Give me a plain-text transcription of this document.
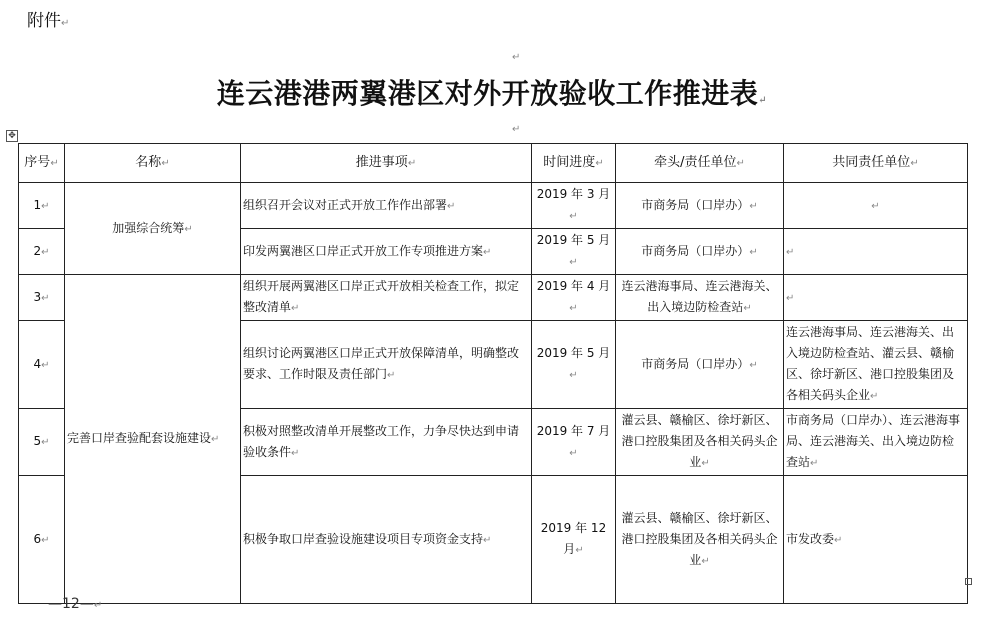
附件↵
↵
连云港港两翼港区对外开放验收工作推进表↵
↵
✥
序号↵	名称↵	推进事项↵	时间进度↵	牵头/责任单位↵	共同责任单位↵
1↵	加强综合统筹↵	组织召开会议对正式开放工作作出部署↵	2019 年 3 月↵	市商务局（口岸办）↵	↵
2↵		印发两翼港区口岸正式开放工作专项推进方案↵	2019 年 5 月↵	市商务局（口岸办）↵	↵
3↵	完善口岸查验配套设施建设↵	组织开展两翼港区口岸正式开放相关检查工作，拟定整改清单↵	2019 年 4 月↵	连云港海事局、连云港海关、出入境边防检查站↵	↵
4↵		组织讨论两翼港区口岸正式开放保障清单，明确整改要求、工作时限及责任部门↵	2019 年 5 月↵	市商务局（口岸办）↵	连云港海事局、连云港海关、出入境边防检查站、灌云县、赣榆区、徐圩新区、港口控股集团及各相关码头企业↵
5↵		积极对照整改清单开展整改工作，力争尽快达到申请验收条件↵	2019 年 7 月↵	灌云县、赣榆区、徐圩新区、港口控股集团及各相关码头企业↵	市商务局（口岸办）、连云港海事局、连云港海关、出入境边防检查站↵
6↵		积极争取口岸查验设施建设项目专项资金支持↵	2019 年 12 月↵	灌云县、赣榆区、徐圩新区、港口控股集团及各相关码头企业↵	市发改委↵
—12—↵
